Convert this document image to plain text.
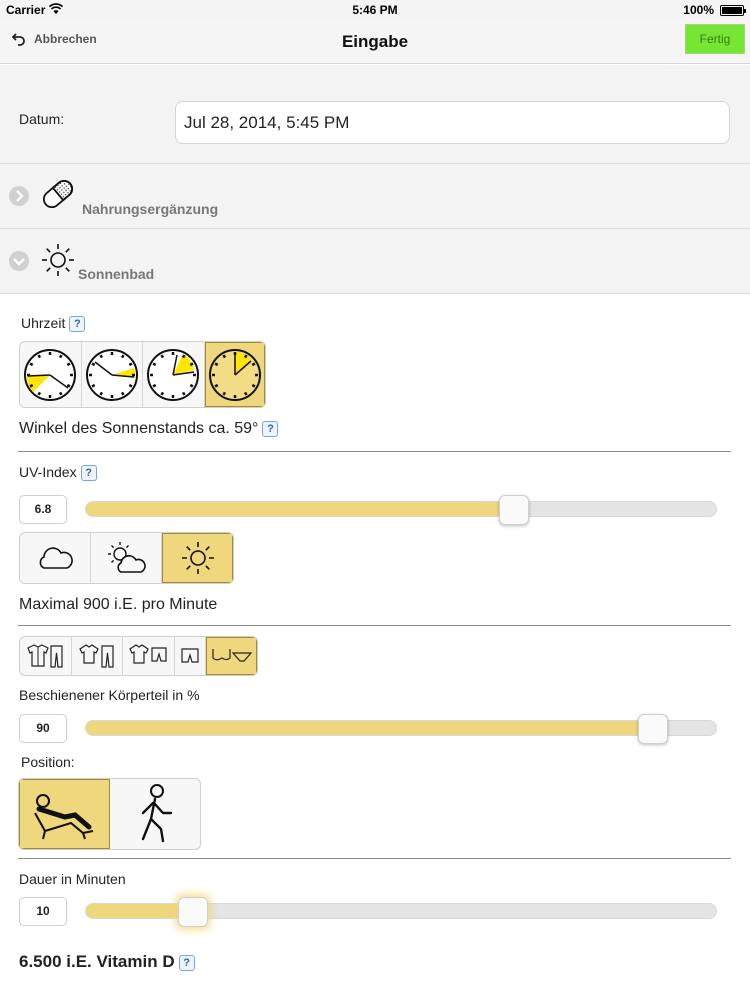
Carrier	5:46 PM	100%
Abbrechen	Eingabe	Fertig
Datum:	Jul 28, 2014, 5:45 PM
Nahrungsergänzung
Sonnenbad
Uhrzeit ?
Winkel des Sonnenstands ca. 59° ?
UV-Index ?
6.8
Maximal 900 i.E. pro Minute
Beschienener Körperteil in %
90
Position:
Dauer in Minuten
10
6.500 i.E. Vitamin D ?
